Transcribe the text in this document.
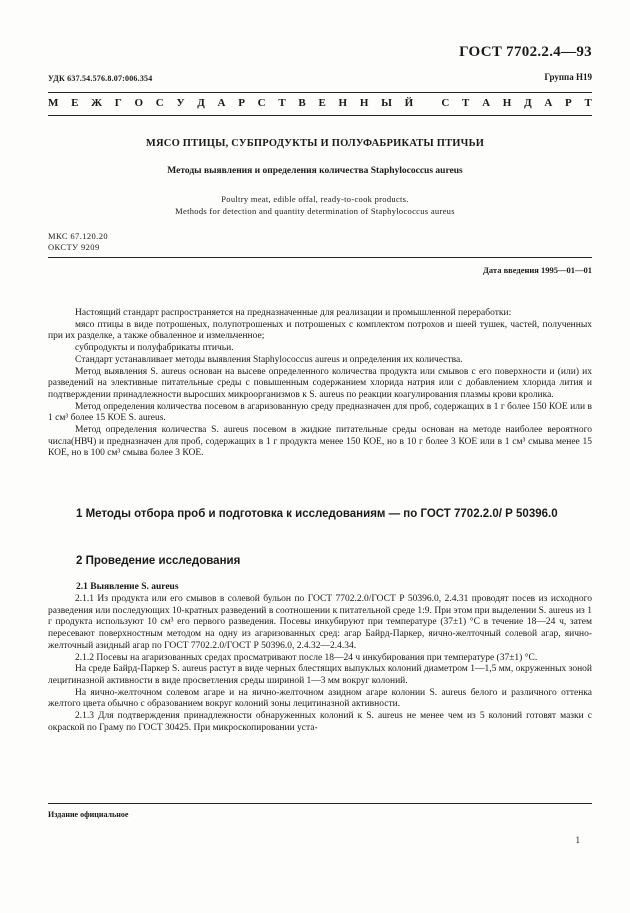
ГОСТ 7702.2.4—93
УДК 637.54.576.8.07:006.354	Группа Н19
М Е Ж Г О С У Д А Р С Т В Е Н Н Ы Й
	С Т А Н Д А Р Т
МЯСО ПТИЦЫ, СУБПРОДУКТЫ И ПОЛУФАБРИКАТЫ ПТИЧЬИ
Методы выявления и определения количества Staphylococcus aureus
Poultry meat, edible offal, ready-to-cook products.
Methods for detection and quantity determination of Staphylococcus aureus
МКС 67.120.20
ОКСТУ 9209
Дата введения 1995—01—01

Настоящий стандарт распространяется на предназначенные для реализации и промышленной переработки:

мясо птицы в виде потрошеных, полупотрошеных и потрошеных с комплектом потрохов и шеей тушек, частей, полученных при их разделке, а также обваленное и измельченное;

субпродукты и полуфабрикаты птичьи.

Стандарт устанавливает методы выявления Staphylococcus aureus и определения их количества.

Метод выявления S. aureus основан на высеве определенного количества продукта или смывов с его поверхности и (или) их разведений на элективные питательные среды с повышенным содержанием хлорида натрия или с добавлением хлорида лития и подтверждении принадлежности выросших микроорганизмов к S. aureus по реакции коагулирования плазмы крови кролика.

Метод определения количества посевом в агаризованную среду предназначен для проб, содержащих в 1 г более 150 КОЕ или в 1 см³ более 15 КОЕ S. aureus.

Метод определения количества S. aureus посевом в жидкие питательные среды основан на методе наиболее вероятного числа(НВЧ) и предназначен для проб, содержащих в 1 г продукта менее 150 КОЕ, но в 10 г более 3 КОЕ или в 1 см³ смыва менее 15 КОЕ, но в 100 см³ смыва более 3 КОЕ.

1 Методы отбора проб и подготовка к исследованиям — по ГОСТ 7702.2.0/ Р 50396.0
2 Проведение исследования
2.1 Выявление S. aureus

2.1.1 Из продукта или его смывов в солевой бульон по ГОСТ 7702.2.0/ГОСТ Р 50396.0, 2.4.31 проводят посев из исходного разведения или последующих 10-кратных разведений в соотношении к питательной среде 1:9. При этом при выделении S. aureus из 1 г продукта используют 10 см³ его первого разведения. Посевы инкубируют при температуре (37±1) °С в течение 18—24 ч, затем пересевают поверхностным методом на одну из агаризованных сред: агар Байрд-Паркер, яично-желточный солевой агар, яично-желточный азидный агар по ГОСТ 7702.2.0/ГОСТ Р 50396.0, 2.4.32—2.4.34.

2.1.2 Посевы на агаризованных средах просматривают после 18—24 ч инкубирования при температуре (37±1) °С.

На среде Байрд-Паркер S. aureus растут в виде черных блестящих выпуклых колоний диаметром 1—1,5 мм, окруженных зоной лецитиназной активности в виде просветления среды шириной 1—3 мм вокруг колоний.

На яично-желточном солевом агаре и на яично-желточном азидном агаре колонии S. aureus белого и различного оттенка желтого цвета обычно с образованием вокруг колоний зоны лецитиназной активности.

2.1.3 Для подтверждения принадлежности обнаруженных колоний к S. aureus не менее чем из 5 колоний готовят мазки с окраской по Граму по ГОСТ 30425. При микроскопировании уста-

Издание официальное
1
